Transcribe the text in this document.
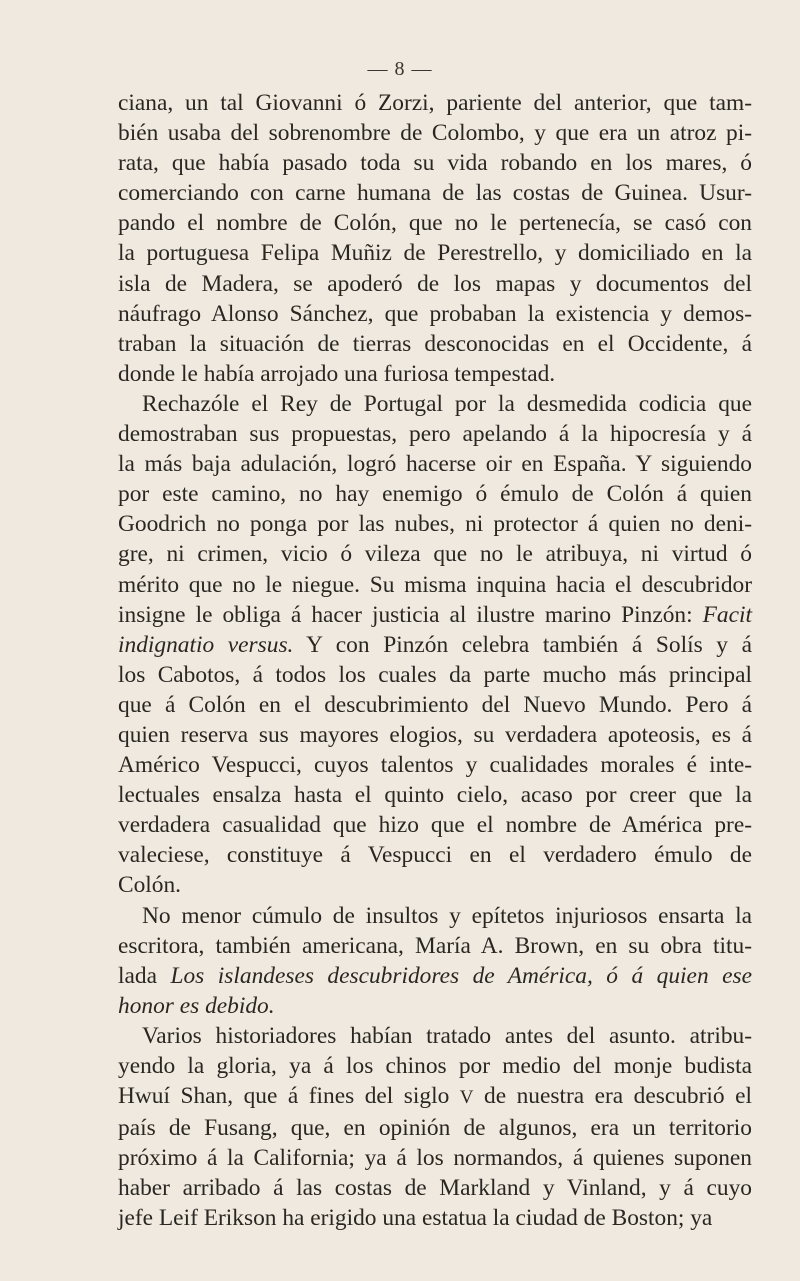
— 8 —
ciana, un tal Giovanni ó Zorzi, pariente del anterior, que tam-
bién usaba del sobrenombre de Colombo, y que era un atroz pi-
rata, que había pasado toda su vida robando en los mares, ó
comerciando con carne humana de las costas de Guinea. Usur-
pando el nombre de Colón, que no le pertenecía, se casó con
la portuguesa Felipa Muñiz de Perestrello, y domiciliado en la
isla de Madera, se apoderó de los mapas y documentos del
náufrago Alonso Sánchez, que probaban la existencia y demos-
traban la situación de tierras desconocidas en el Occidente, á
donde le había arrojado una furiosa tempestad.
Rechazóle el Rey de Portugal por la desmedida codicia que
demostraban sus propuestas, pero apelando á la hipocresía y á
la más baja adulación, logró hacerse oir en España. Y siguiendo
por este camino, no hay enemigo ó émulo de Colón á quien
Goodrich no ponga por las nubes, ni protector á quien no deni-
gre, ni crimen, vicio ó vileza que no le atribuya, ni virtud ó
mérito que no le niegue. Su misma inquina hacia el descubridor
insigne le obliga á hacer justicia al ilustre marino Pinzón: Facit
indignatio versus. Y con Pinzón celebra también á Solís y á
los Cabotos, á todos los cuales da parte mucho más principal
que á Colón en el descubrimiento del Nuevo Mundo. Pero á
quien reserva sus mayores elogios, su verdadera apoteosis, es á
Américo Vespucci, cuyos talentos y cualidades morales é inte-
lectuales ensalza hasta el quinto cielo, acaso por creer que la
verdadera casualidad que hizo que el nombre de América pre-
valeciese, constituye á Vespucci en el verdadero émulo de
Colón.
No menor cúmulo de insultos y epítetos injuriosos ensarta la
escritora, también americana, María A. Brown, en su obra titu-
lada Los islandeses descubridores de América, ó á quien ese
honor es debido.
Varios historiadores habían tratado antes del asunto. atribu-
yendo la gloria, ya á los chinos por medio del monje budista
Hwuí Shan, que á fines del siglo V de nuestra era descubrió el
país de Fusang, que, en opinión de algunos, era un territorio
próximo á la California; ya á los normandos, á quienes suponen
haber arribado á las costas de Markland y Vinland, y á cuyo
jefe Leif Erikson ha erigido una estatua la ciudad de Boston; ya
